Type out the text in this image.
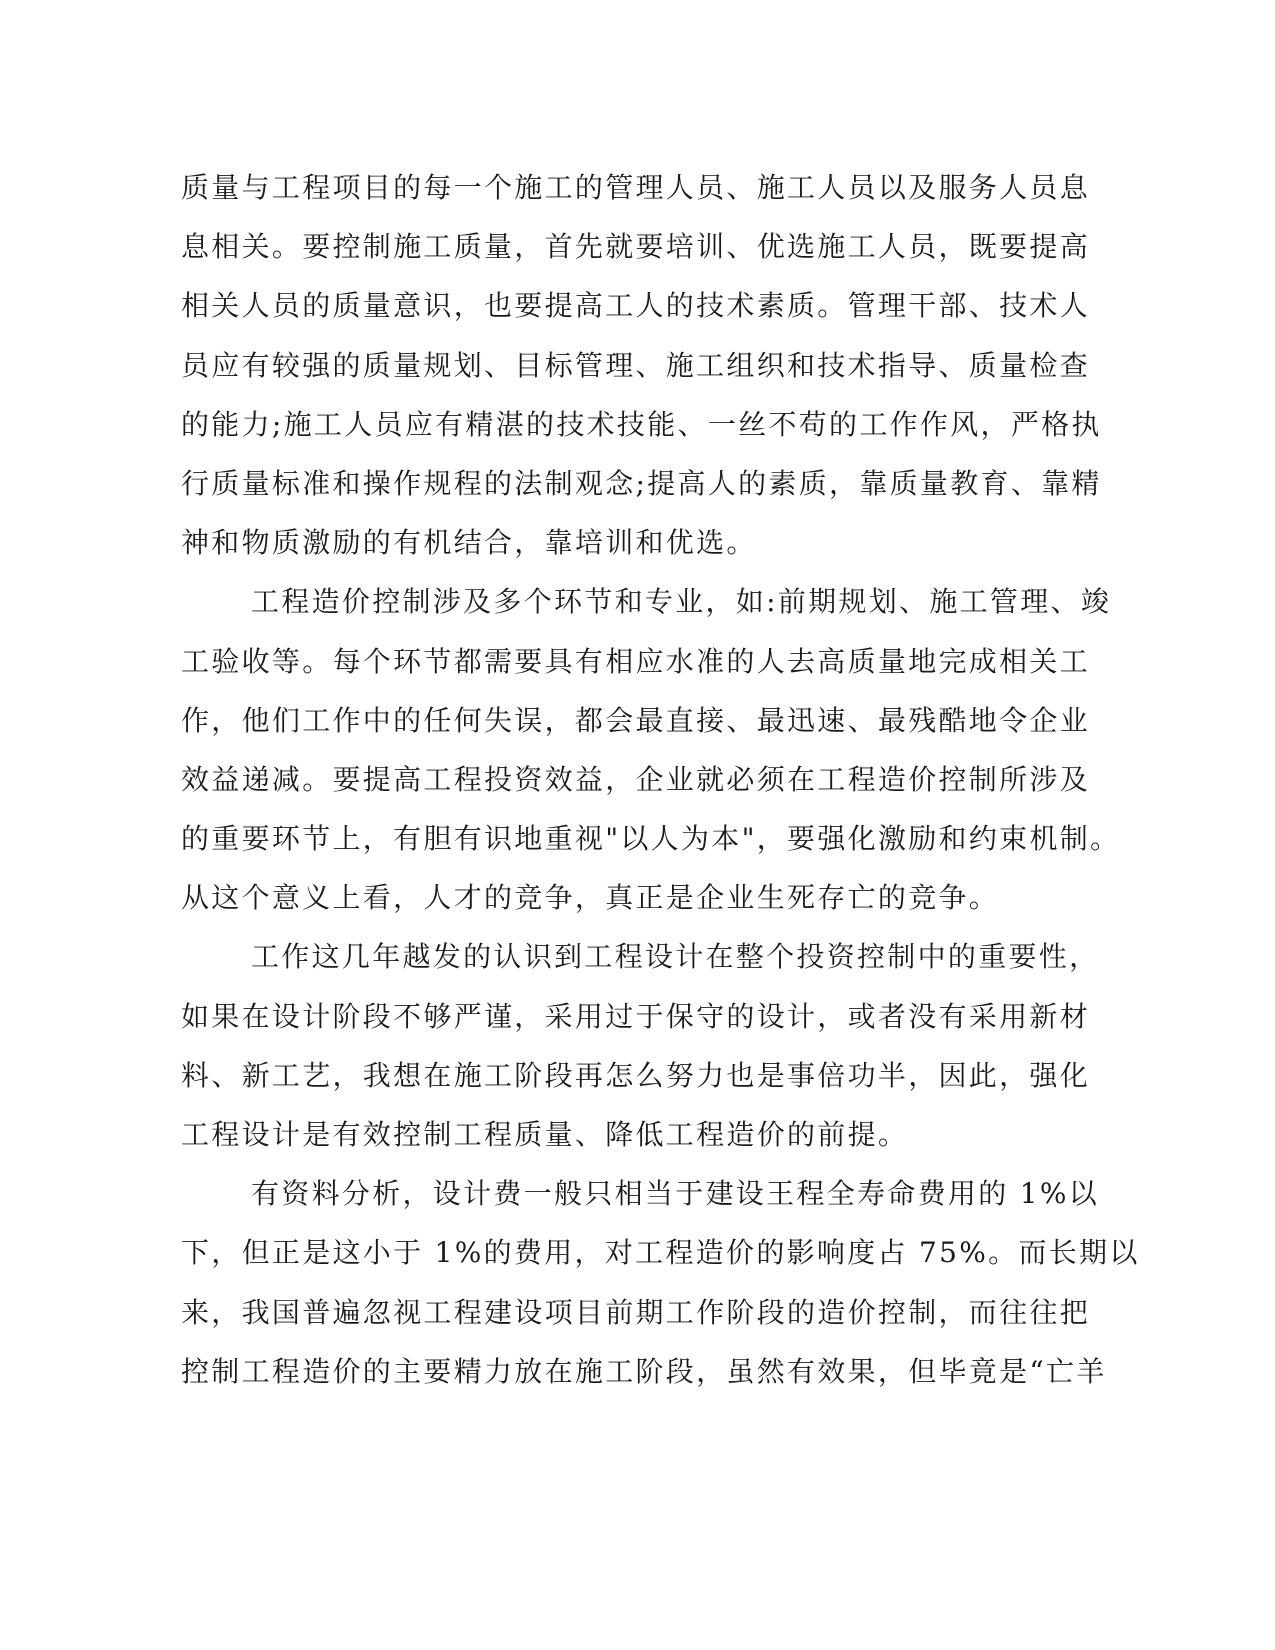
质量与工程项目的每一个施工的管理人员、施工人员以及服务人员息
息相关。要控制施工质量，首先就要培训、优选施工人员，既要提高
相关人员的质量意识，也要提高工人的技术素质。管理干部、技术人
员应有较强的质量规划、目标管理、施工组织和技术指导、质量检查
的能力;施工人员应有精湛的技术技能、一丝不苟的工作作风，严格执
行质量标准和操作规程的法制观念;提高人的素质，靠质量教育、靠精
神和物质激励的有机结合，靠培训和优选。
工程造价控制涉及多个环节和专业，如:前期规划、施工管理、竣
工验收等。每个环节都需要具有相应水准的人去高质量地完成相关工
作，他们工作中的任何失误，都会最直接、最迅速、最残酷地令企业
效益递减。要提高工程投资效益，企业就必须在工程造价控制所涉及
的重要环节上，有胆有识地重视"以人为本"，要强化激励和约束机制。
从这个意义上看，人才的竞争，真正是企业生死存亡的竞争。
工作这几年越发的认识到工程设计在整个投资控制中的重要性，
如果在设计阶段不够严谨，采用过于保守的设计，或者没有采用新材
料、新工艺，我想在施工阶段再怎么努力也是事倍功半，因此，强化
工程设计是有效控制工程质量、降低工程造价的前提。
有资料分析，设计费一般只相当于建设王程全寿命费用的 1%以
下，但正是这小于 1%的费用，对工程造价的影响度占 75%。而长期以
来，我国普遍忽视工程建设项目前期工作阶段的造价控制，而往往把
控制工程造价的主要精力放在施工阶段，虽然有效果，但毕竟是“亡羊
